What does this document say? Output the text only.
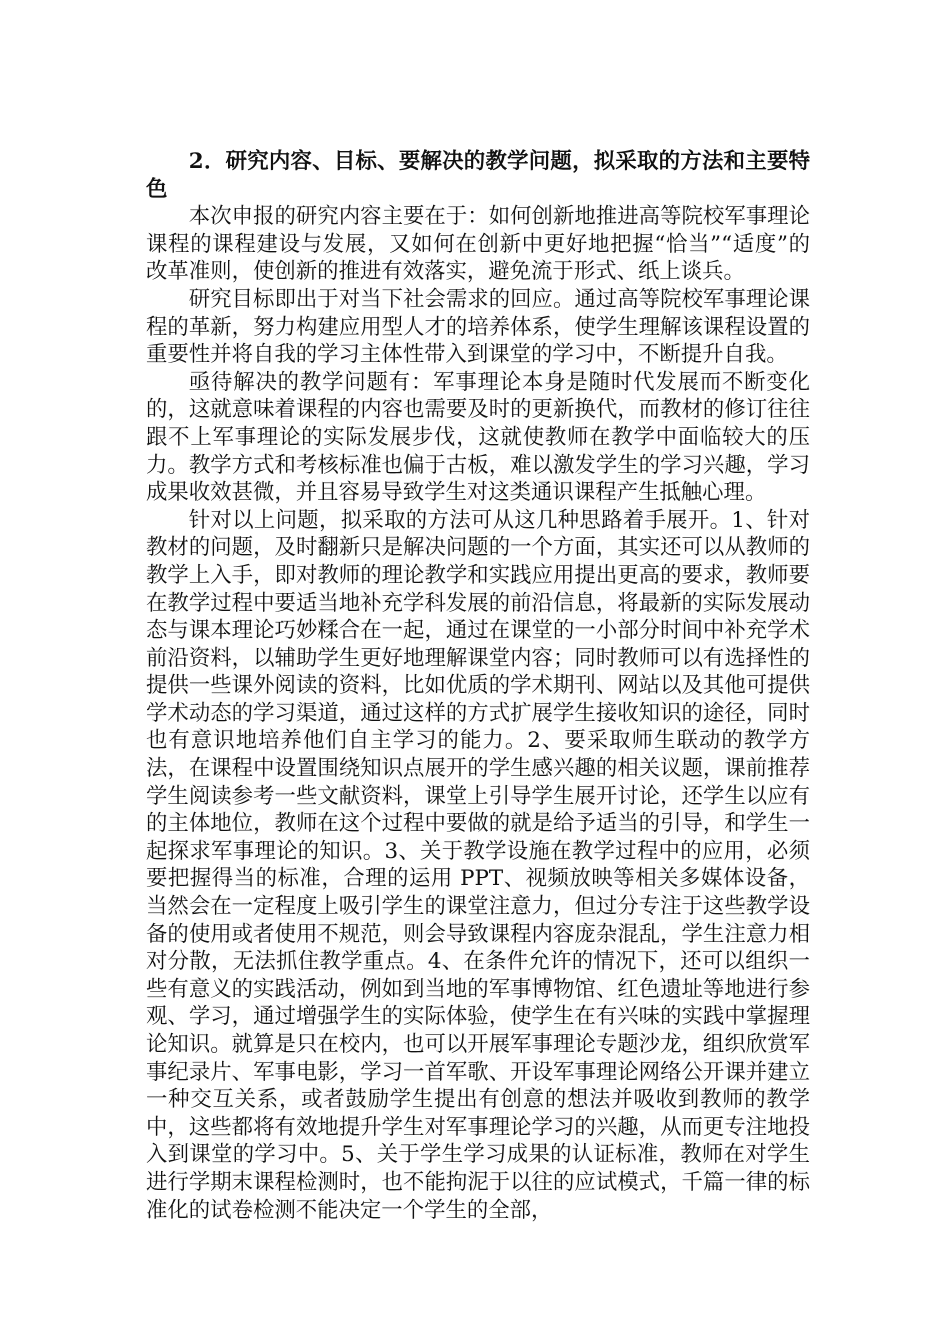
2．研究内容、目标、要解决的教学问题，拟采取的方法和主要特色

本次申报的研究内容主要在于：如何创新地推进高等院校军事理论课程的课程建设与发展，又如何在创新中更好地把握“恰当”“适度”的改革准则，使创新的推进有效落实，避免流于形式、纸上谈兵。

研究目标即出于对当下社会需求的回应。通过高等院校军事理论课程的革新，努力构建应用型人才的培养体系，使学生理解该课程设置的重要性并将自我的学习主体性带入到课堂的学习中，不断提升自我。

亟待解决的教学问题有：军事理论本身是随时代发展而不断变化的，这就意味着课程的内容也需要及时的更新换代，而教材的修订往往跟不上军事理论的实际发展步伐，这就使教师在教学中面临较大的压力。教学方式和考核标准也偏于古板，难以激发学生的学习兴趣，学习成果收效甚微，并且容易导致学生对这类通识课程产生抵触心理。

针对以上问题，拟采取的方法可从这几种思路着手展开。1、针对教材的问题，及时翻新只是解决问题的一个方面，其实还可以从教师的教学上入手，即对教师的理论教学和实践应用提出更高的要求，教师要在教学过程中要适当地补充学科发展的前沿信息，将最新的实际发展动态与课本理论巧妙糅合在一起，通过在课堂的一小部分时间中补充学术前沿资料，以辅助学生更好地理解课堂内容；同时教师可以有选择性的提供一些课外阅读的资料，比如优质的学术期刊、网站以及其他可提供学术动态的学习渠道，通过这样的方式扩展学生接收知识的途径，同时也有意识地培养他们自主学习的能力。2、要采取师生联动的教学方法，在课程中设置围绕知识点展开的学生感兴趣的相关议题，课前推荐学生阅读参考一些文献资料，课堂上引导学生展开讨论，还学生以应有的主体地位，教师在这个过程中要做的就是给予适当的引导，和学生一起探求军事理论的知识。3、关于教学设施在教学过程中的应用，必须要把握得当的标准，合理的运用 PPT、视频放映等相关多媒体设备，当然会在一定程度上吸引学生的课堂注意力，但过分专注于这些教学设备的使用或者使用不规范，则会导致课程内容庞杂混乱，学生注意力相对分散，无法抓住教学重点。4、在条件允许的情况下，还可以组织一些有意义的实践活动，例如到当地的军事博物馆、红色遗址等地进行参观、学习，通过增强学生的实际体验，使学生在有兴味的实践中掌握理论知识。就算是只在校内，也可以开展军事理论专题沙龙，组织欣赏军事纪录片、军事电影，学习一首军歌、开设军事理论网络公开课并建立一种交互关系，或者鼓励学生提出有创意的想法并吸收到教师的教学中，这些都将有效地提升学生对军事理论学习的兴趣，从而更专注地投入到课堂的学习中。5、关于学生学习成果的认证标准，教师在对学生进行学期末课程检测时，也不能拘泥于以往的应试模式，千篇一律的标准化的试卷检测不能决定一个学生的全部，
